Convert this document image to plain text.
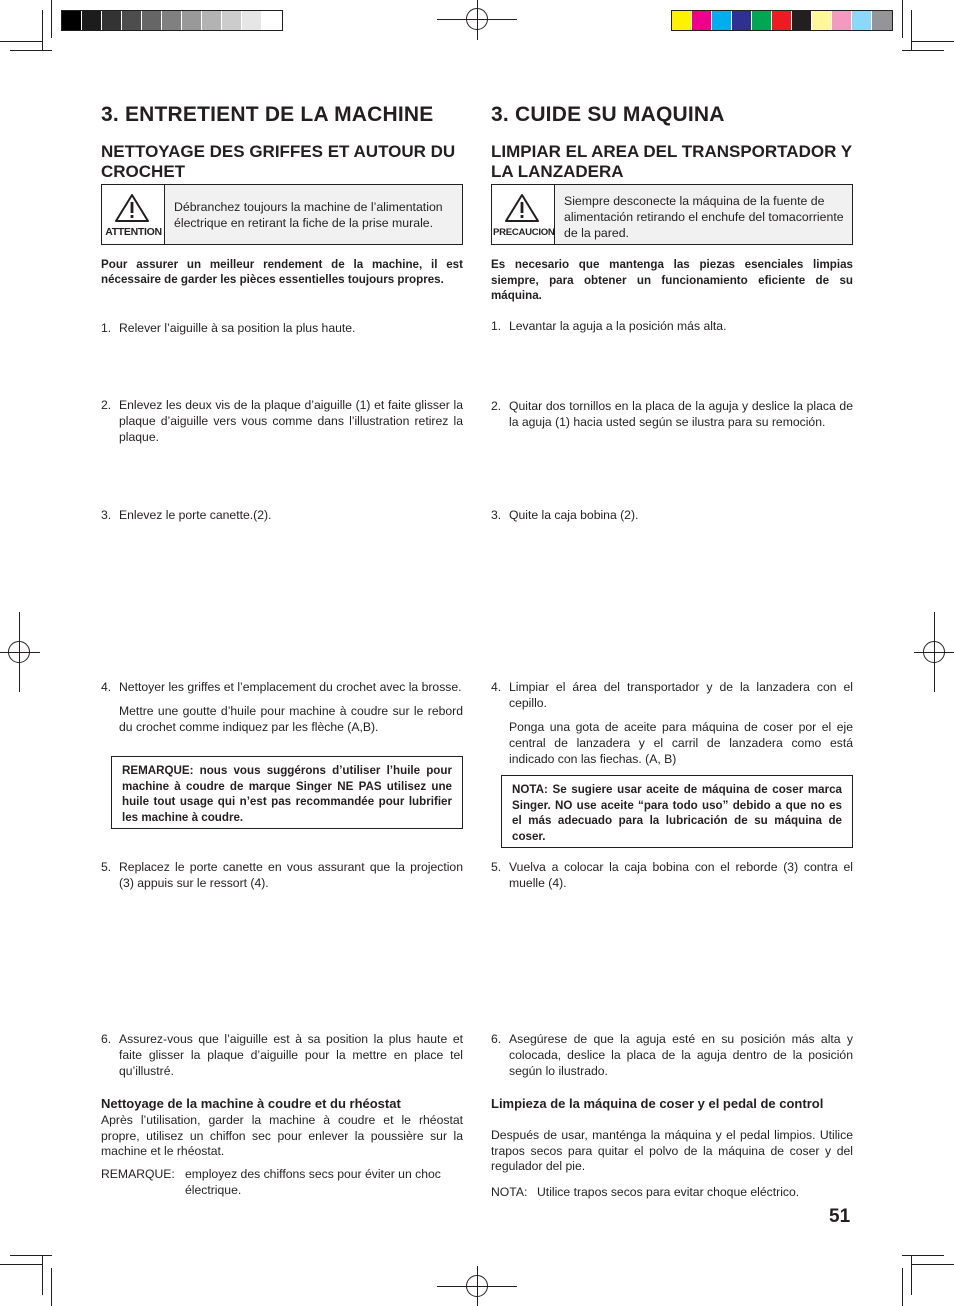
3. ENTRETIENT DE LA MACHINE
NETTOYAGE DES GRIFFES ET AUTOUR DU CROCHET
ATTENTION
Débranchez toujours la machine de l’alimentation électrique en retirant la fiche de la prise murale.
Pour assurer un meilleur rendement de la machine, il est nécessaire de garder les pièces essentielles toujours propres.
1. Relever l’aiguille à sa position la plus haute.
2. Enlevez les deux vis de la plaque d’aiguille (1) et faite glisser la plaque d’aiguille vers vous comme dans l’illustration retirez la plaque.
3. Enlevez le porte canette.(2).
4. Nettoyer les griffes et l’emplacement du crochet avec la brosse.
Mettre une goutte d’huile pour machine à coudre sur le rebord du crochet comme indiquez par les flèche (A,B).
REMARQUE: nous vous suggérons d’utiliser l’huile pour machine à coudre de marque Singer NE PAS utilisez une huile tout usage qui n’est pas recommandée pour lubrifier les machine à coudre.
5. Replacez le porte canette en vous assurant que la projection (3) appuis sur le ressort (4).
6. Assurez-vous que l’aiguille est à sa position la plus haute et faite glisser la plaque d’aiguille pour la mettre en place tel qu’illustré.
Nettoyage de la machine à coudre et du rhéostat
Après l’utilisation, garder la machine à coudre et le rhéostat propre, utilisez un chiffon sec pour enlever la poussière sur la machine et le rhéostat.
REMARQUE: employez des chiffons secs pour éviter un choc électrique.
3. CUIDE SU MAQUINA
LIMPIAR EL AREA DEL TRANSPORTADOR Y LA LANZADERA
PRECAUCION
Siempre desconecte la máquina de la fuente de alimentación retirando el enchufe del tomacorriente de la pared.
Es necesario que mantenga las piezas esenciales limpias siempre, para obtener un funcionamiento eficiente de su máquina.
1. Levantar la aguja a la posición más alta.
2. Quitar dos tornillos en la placa de la aguja y deslice la placa de la aguja (1) hacia usted según se ilustra para su remoción.
3. Quite la caja bobina (2).
4. Limpiar el área del transportador y de la lanzadera con el cepillo.
Ponga una gota de aceite para máquina de coser por el eje central de lanzadera y el carril de lanzadera como está indicado con las fiechas. (A, B)
NOTA: Se sugiere usar aceite de máquina de coser marca Singer. NO use aceite “para todo uso” debido a que no es el más adecuado para la lubricación de su máquina de coser.
5. Vuelva a colocar la caja bobina con el reborde (3) contra el muelle (4).
6. Asegúrese de que la aguja esté en su posición más alta y colocada, deslice la placa de la aguja dentro de la posición según lo ilustrado.
Limpieza de la máquina de coser y el pedal de control
Después de usar, manténga la máquina y el pedal limpios. Utilice trapos secos para quitar el polvo de la máquina de coser y del regulador del pie.
NOTA: Utilice trapos secos para evitar choque eléctrico.
51
